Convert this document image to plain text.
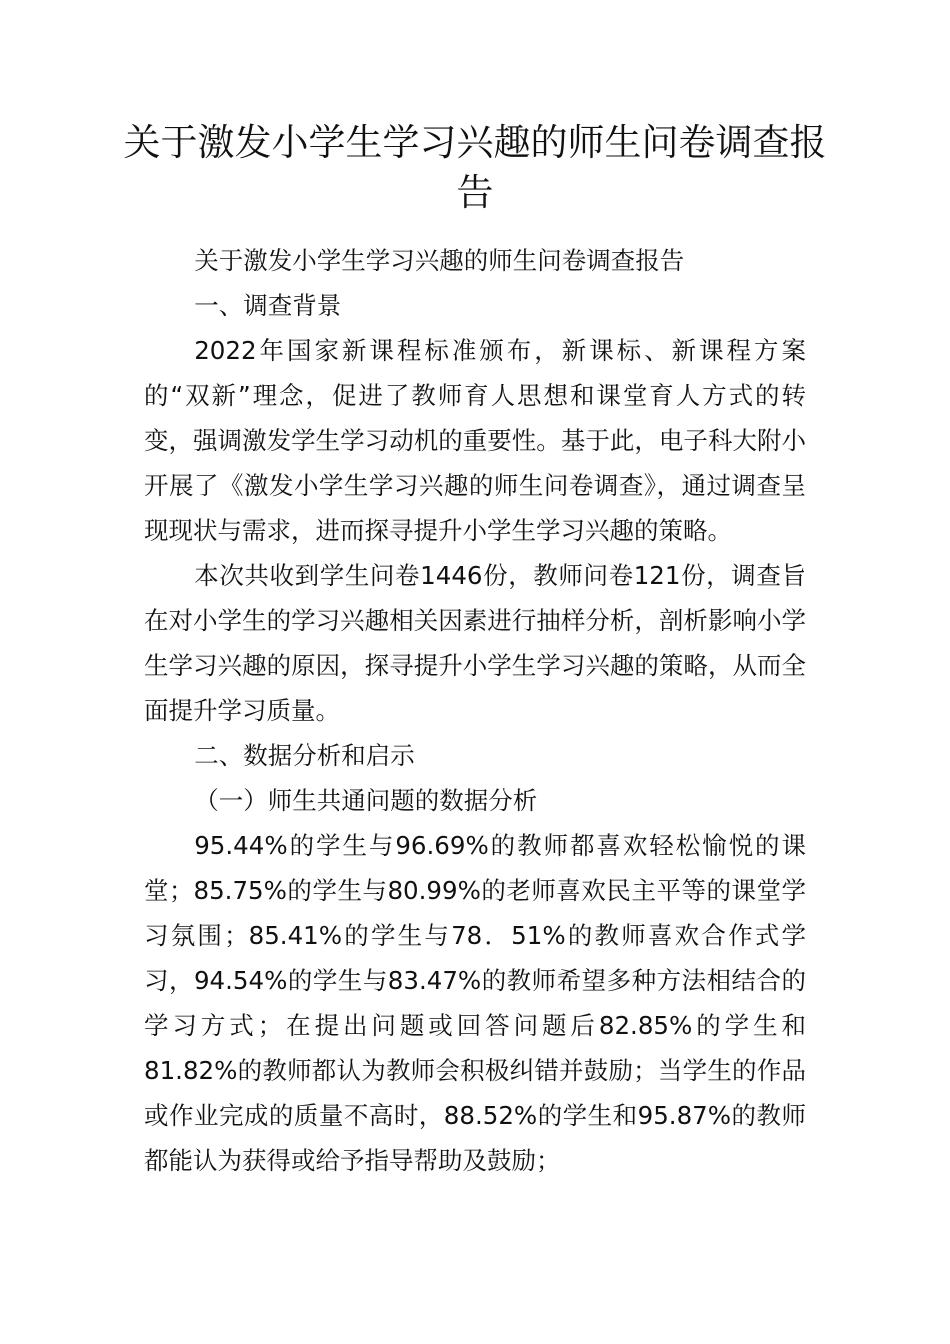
关于激发小学生学习兴趣的师生问卷调查报告

关于激发小学生学习兴趣的师生问卷调查报告

一、调查背景

2022年国家新课程标准颁布，新课标、新课程方案的“双新”理念，促进了教师育人思想和课堂育人方式的转变，强调激发学生学习动机的重要性。基于此，电子科大附小开展了《激发小学生学习兴趣的师生问卷调查》，通过调查呈现现状与需求，进而探寻提升小学生学习兴趣的策略。

本次共收到学生问卷1446份，教师问卷121份，调查旨在对小学生的学习兴趣相关因素进行抽样分析，剖析影响小学生学习兴趣的原因，探寻提升小学生学习兴趣的策略，从而全面提升学习质量。

二、数据分析和启示

（一）师生共通问题的数据分析

95.44%的学生与96.69%的教师都喜欢轻松愉悦的课堂；85.75%的学生与80.99%的老师喜欢民主平等的课堂学习氛围；85.41%的学生与78．51%的教师喜欢合作式学习，94.54%的学生与83.47%的教师希望多种方法相结合的学习方式；在提出问题或回答问题后82.85%的学生和81.82%的教师都认为教师会积极纠错并鼓励；当学生的作品或作业完成的质量不高时，88.52%的学生和95.87%的教师都能认为获得或给予指导帮助及鼓励；
